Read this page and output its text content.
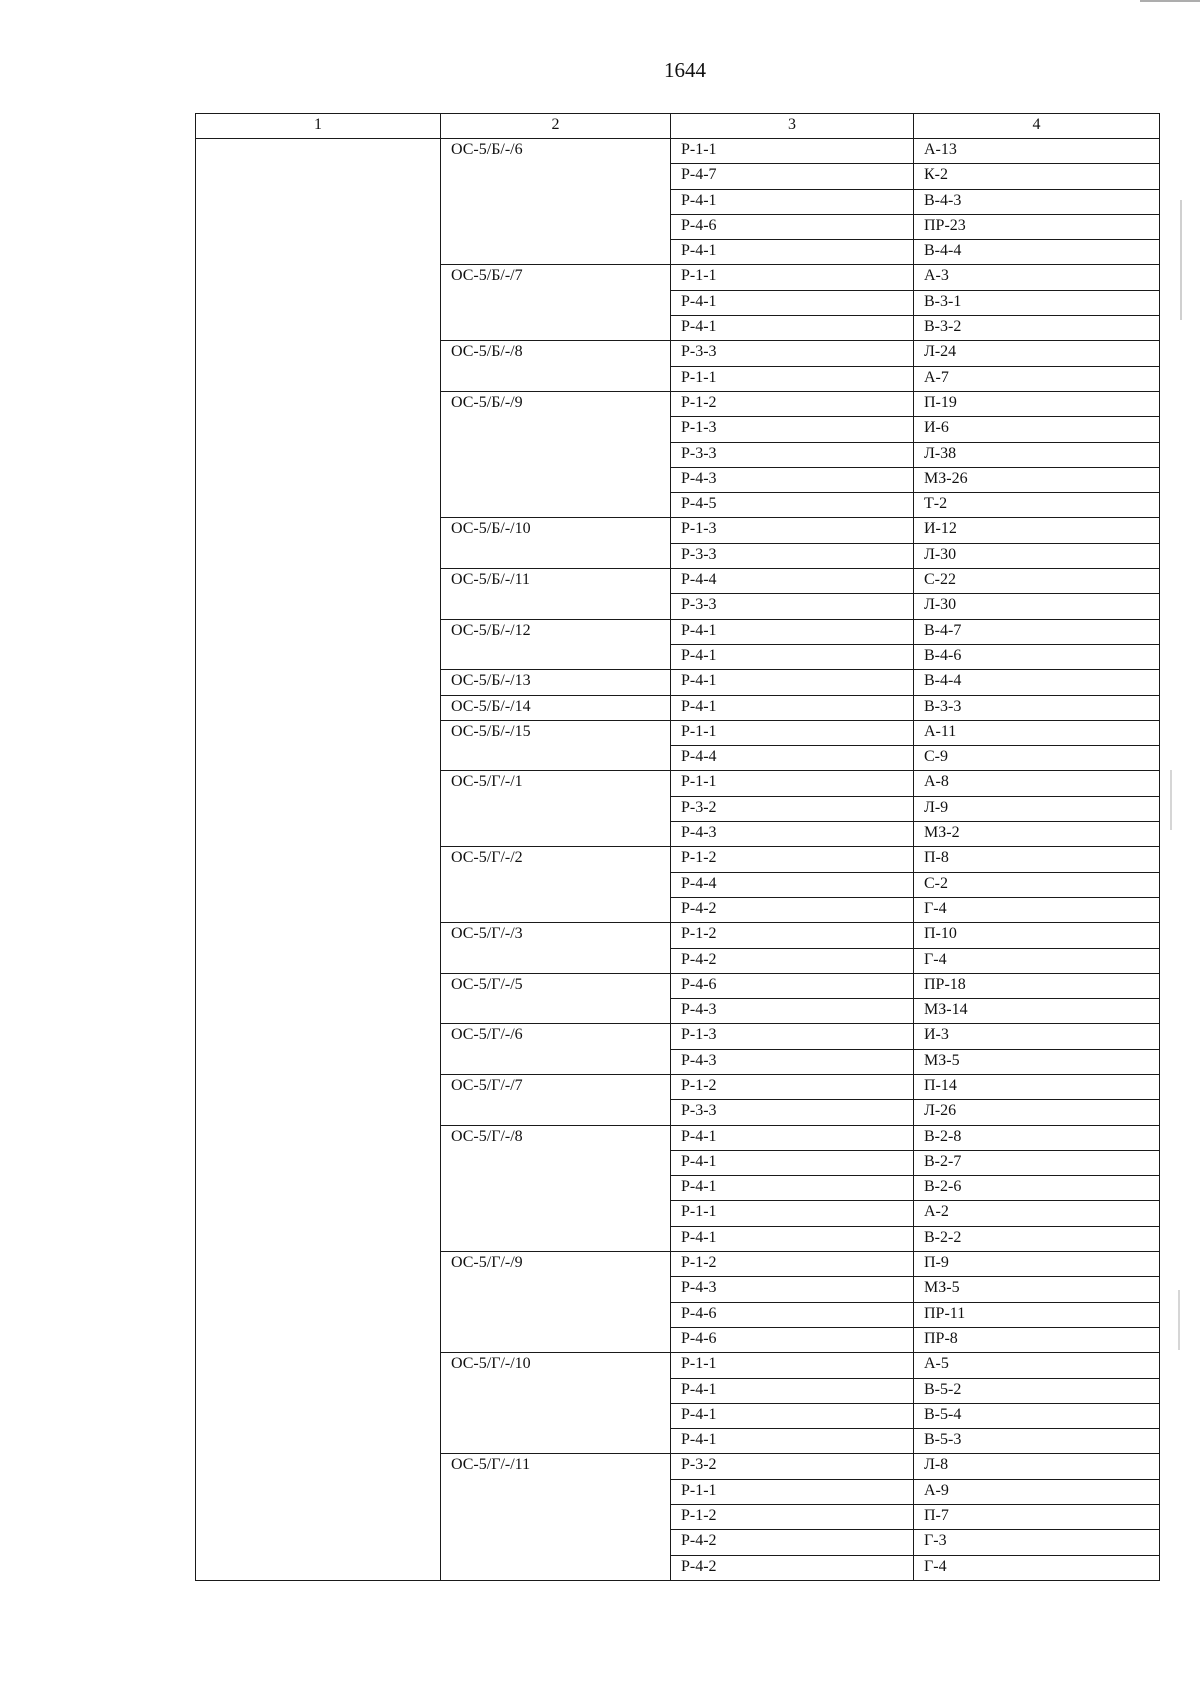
1644
1	2	3	4
	ОС-5/Б/-/6	Р-1-1	А-13
		Р-4-7	К-2
		Р-4-1	В-4-3
		Р-4-6	ПР-23
		Р-4-1	В-4-4
	ОС-5/Б/-/7	Р-1-1	А-3
		Р-4-1	В-3-1
		Р-4-1	В-3-2
	ОС-5/Б/-/8	Р-3-3	Л-24
		Р-1-1	А-7
	ОС-5/Б/-/9	Р-1-2	П-19
		Р-1-3	И-6
		Р-3-3	Л-38
		Р-4-3	МЗ-26
		Р-4-5	Т-2
	ОС-5/Б/-/10	Р-1-3	И-12
		Р-3-3	Л-30
	ОС-5/Б/-/11	Р-4-4	С-22
		Р-3-3	Л-30
	ОС-5/Б/-/12	Р-4-1	В-4-7
		Р-4-1	В-4-6
	ОС-5/Б/-/13	Р-4-1	В-4-4
	ОС-5/Б/-/14	Р-4-1	В-3-3
	ОС-5/Б/-/15	Р-1-1	А-11
		Р-4-4	С-9
	ОС-5/Г/-/1	Р-1-1	А-8
		Р-3-2	Л-9
		Р-4-3	МЗ-2
	ОС-5/Г/-/2	Р-1-2	П-8
		Р-4-4	С-2
		Р-4-2	Г-4
	ОС-5/Г/-/3	Р-1-2	П-10
		Р-4-2	Г-4
	ОС-5/Г/-/5	Р-4-6	ПР-18
		Р-4-3	МЗ-14
	ОС-5/Г/-/6	Р-1-3	И-3
		Р-4-3	МЗ-5
	ОС-5/Г/-/7	Р-1-2	П-14
		Р-3-3	Л-26
	ОС-5/Г/-/8	Р-4-1	В-2-8
		Р-4-1	В-2-7
		Р-4-1	В-2-6
		Р-1-1	А-2
		Р-4-1	В-2-2
	ОС-5/Г/-/9	Р-1-2	П-9
		Р-4-3	МЗ-5
		Р-4-6	ПР-11
		Р-4-6	ПР-8
	ОС-5/Г/-/10	Р-1-1	А-5
		Р-4-1	В-5-2
		Р-4-1	В-5-4
		Р-4-1	В-5-3
	ОС-5/Г/-/11	Р-3-2	Л-8
		Р-1-1	А-9
		Р-1-2	П-7
		Р-4-2	Г-3
		Р-4-2	Г-4
